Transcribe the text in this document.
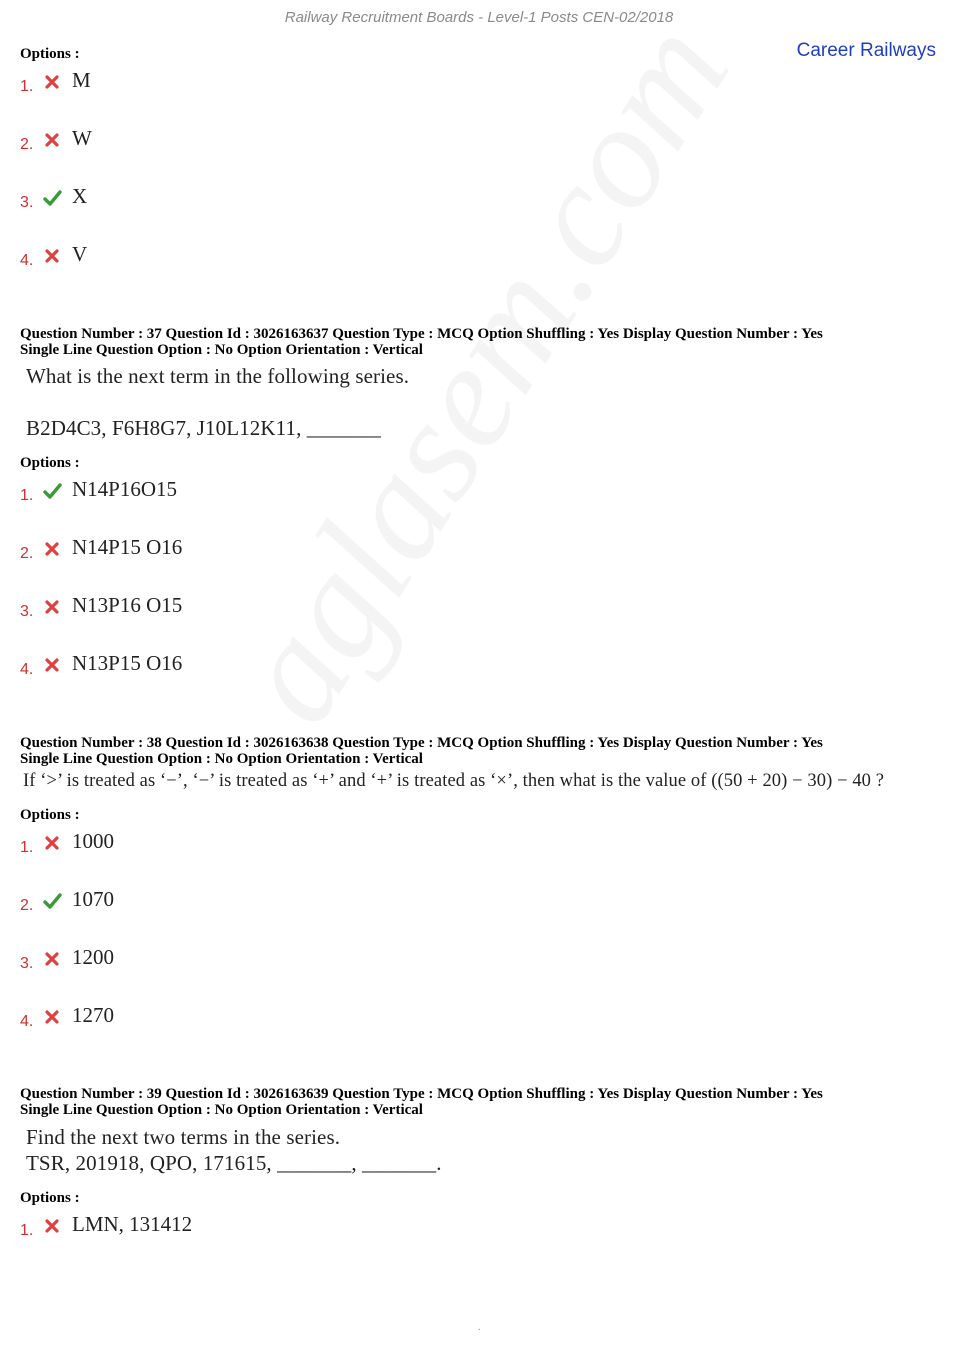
Railway Recruitment Boards - Level-1 Posts CEN-02/2018
Career Railways
Options :
1. M
2. W
3. X
4. V
Question Number : 37 Question Id : 3026163637 Question Type : MCQ Option Shuffling : Yes Display Question Number : Yes
Single Line Question Option : No Option Orientation : Vertical
What is the next term in the following series.
B2D4C3, F6H8G7, J10L12K11, _______
Options :
1. N14P16O15
2. N14P15 O16
3. N13P16 O15
4. N13P15 O16
Question Number : 38 Question Id : 3026163638 Question Type : MCQ Option Shuffling : Yes Display Question Number : Yes
Single Line Question Option : No Option Orientation : Vertical
If ‘>’ is treated as ‘−’, ‘−’ is treated as ‘+’ and ‘+’ is treated as ‘×’, then what is the value of ((50 + 20) − 30) − 40 ?
Options :
1. 1000
2. 1070
3. 1200
4. 1270
Question Number : 39 Question Id : 3026163639 Question Type : MCQ Option Shuffling : Yes Display Question Number : Yes
Single Line Question Option : No Option Orientation : Vertical
Find the next two terms in the series.
TSR, 201918, QPO, 171615, _______, _______.
Options :
1. LMN, 131412
.
